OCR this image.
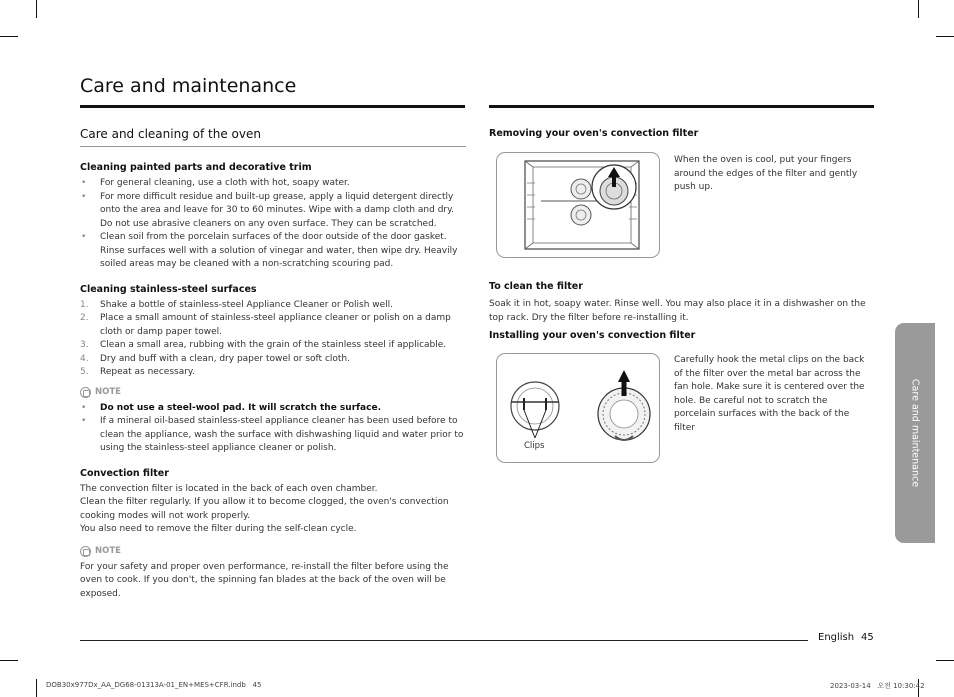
Care and maintenance
Care and cleaning of the oven
Cleaning painted parts and decorative trim
• For general cleaning, use a cloth with hot, soapy water.
• For more difficult residue and built-up grease, apply a liquid detergent directly onto the area and leave for 30 to 60 minutes. Wipe with a damp cloth and dry. Do not use abrasive cleaners on any oven surface. They can be scratched.
• Clean soil from the porcelain surfaces of the door outside of the door gasket. Rinse surfaces well with a solution of vinegar and water, then wipe dry. Heavily soiled areas may be cleaned with a non-scratching scouring pad.
Cleaning stainless-steel surfaces
1. Shake a bottle of stainless-steel Appliance Cleaner or Polish well.
2. Place a small amount of stainless-steel appliance cleaner or polish on a damp cloth or damp paper towel.
3. Clean a small area, rubbing with the grain of the stainless steel if applicable.
4. Dry and buff with a clean, dry paper towel or soft cloth.
5. Repeat as necessary.
NOTE
• Do not use a steel-wool pad. It will scratch the surface.
• If a mineral oil-based stainless-steel appliance cleaner has been used before to clean the appliance, wash the surface with dishwashing liquid and water prior to using the stainless-steel appliance cleaner or polish.
Convection filter
The convection filter is located in the back of each oven chamber.
Clean the filter regularly. If you allow it to become clogged, the oven's convection cooking modes will not work properly.
You also need to remove the filter during the self-clean cycle.
NOTE
For your safety and proper oven performance, re-install the filter before using the oven to cook. If you don't, the spinning fan blades at the back of the oven will be exposed.
Removing your oven's convection filter
When the oven is cool, put your fingers around the edges of the filter and gently push up.
To clean the filter
Soak it in hot, soapy water. Rinse well. You may also place it in a dishwasher on the top rack. Dry the filter before re-installing it.
Installing your oven's convection filter
Clips
Carefully hook the metal clips on the back of the filter over the metal bar across the fan hole. Make sure it is centered over the hole. Be careful not to scratch the porcelain surfaces with the back of the filter	Care and maintenance
English 45
DOB30x977Dx_AA_DG68-01313A-01_EN+MES+CFR.indb   45	2023-03-14   오전 10:30:42
